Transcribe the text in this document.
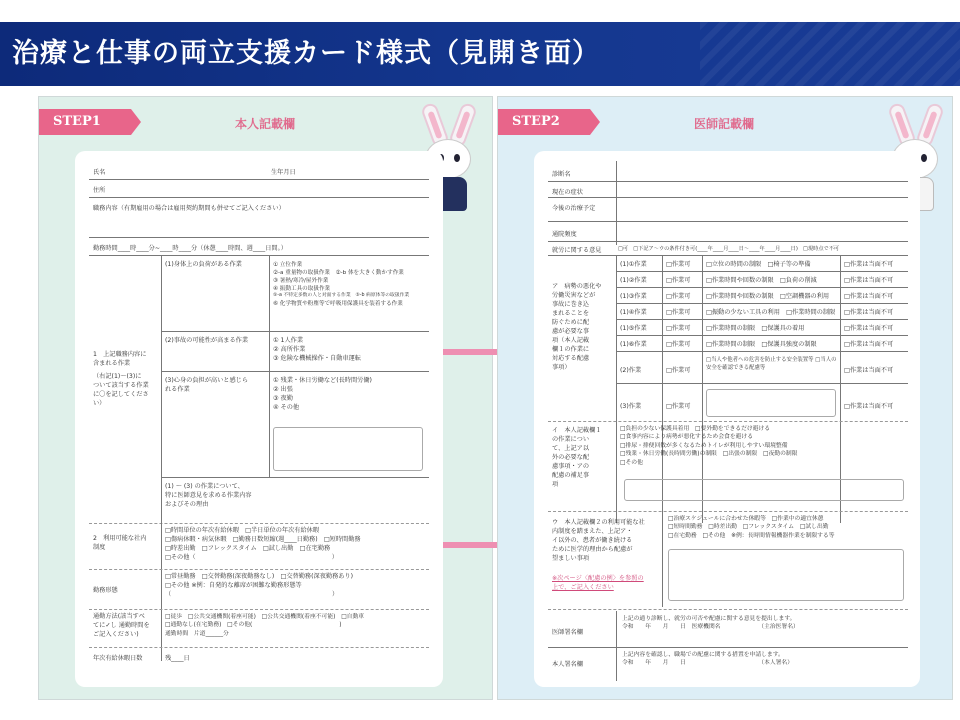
治療と仕事の両立支援カード様式（見開き面）
STEP1	本人記載欄
氏名	生年月日
住所
職務内容（有期雇用の場合は雇用契約期間も併せてご記入ください）
勤務時間____時____分~____時____分（休憩____時間、週____日間。）
1　上記職務内容に
含まれる作業
（右記(1)～(3)に
ついて該当する作業
に〇を記してくださ
い）
(1)身体上の負荷がある作業	① 立位作業
②-a 重量物の取扱作業　②-b 体を大きく動かす作業
③ 暑熱/寒冷/屋外作業
④ 振動工具の取扱作業
⑤-a 不特定多数の人と対面する作業　⑤-b 病原体等の取扱作業
⑥ 化学物質や粉塵等で呼吸用保護具を装着する作業
(2)事故の可能性が高まる作業	① 1人作業
② 高所作業
③ 危険な機械操作・自動車運転
(3)心身の負担が高いと感じら
れる作業
① 残業・休日労働など(長時間労働)
② 出張
③ 夜勤
④ その他
(1) ～ (3) の作業について、
特に医師意見を求める作業内容
およびその理由
2　利用可能な社内
制度
□時間単位の年次有給休暇　□半日単位の年次有給休暇
□傷病休暇・病気休暇　□勤務日数短縮(週____日勤務)　□短時間勤務
□時差出勤　□フレックスタイム　□試し出勤　□在宅勤務
□その他（　　　　　　　　　　　　　　　　　　　　　　）
勤務形態
□常昼勤務　□交替勤務(深夜勤務なし)　□交替勤務(深夜勤務あり)
□その他 ※例：自発的な離席が困難な勤務形態等
（　　　　　　　　　　　　　　　　　　　　　　　　　　）
通勤方法(該当すべ
てに✓し 通勤時間を
ご記入ください)
□徒歩　□公共交通機関(着座可能)　□公共交通機関(着座不可能)　□自動車
□通勤なし(在宅勤務)　□その他(　　　　　　　　　　　　　　　)
通勤時間　片道______分
年次有給休暇日数	残____日
STEP2	医師記載欄
診断名
現在の症状
今後の治療予定
通院頻度
就労に関する意見	□可　□下記ア～ウの条件付き可(____年____月____日～____年____月____日)　□現時点で不可
ア　病勢の悪化や
労働災害などが
事故に巻き込
まれることを
防ぐために配
慮が必要な事
項（本人記載
欄１の作業に
対応する配慮
事項）
(1)①作業	□作業可	□立位の時間の制限　□椅子等の準備	□作業は当面不可
(1)②作業	□作業可	□作業時間や回数の制限　□負荷の削減	□作業は当面不可
(1)③作業	□作業可	□作業時間や回数の制限　□空調機器の利用 □作業は当面不可
(1)④作業	□作業可	□振動の少ない工具の利用　□作業時間の制限 □作業は当面不可
(1)⑤作業	□作業可	□作業時間の制限　□保護具の着用	□作業は当面不可
(1)⑥作業	□作業可	□作業時間の制限　□保護具強度の制限	□作業は当面不可
(2)作業	□作業可
□当人や他者への危害を防止する安全装置等 □当人の安全を確認できる配慮等	□作業は当面不可
(3)作業	□作業可	□作業は当面不可
イ　本人記載欄１
の作業につい
て、上記ア以
外の必要な配
慮事項・アの
配慮の補足事
項
□負担の少ない保護具着用　□要外勤をできるだけ避ける
□食事内容により病勢が悪化するため会食を避ける
□排尿・排便回数が多くなるためトイレが利用しやすい環境整備
□残業・休日労働(長時間労働)の制限　□出張の制限　□夜勤の制限
□その他
ウ　本人記載欄２の利用可能な社
内制度を踏まえた、上記ア・
イ以外の、患者が働き続ける
ために医学的理由から配慮が
望ましい事項
※次ページ〈配慮の例〉を参照の
上で、ご記入ください
□治療スケジュールに合わせた休暇等　□作業中の適宜休憩
□短時間勤務　□時差出勤　□フレックスタイム　□試し出勤
□在宅勤務　□その他　※例：長時間情報機器作業を制限する等
医師署名欄
上記の通り診断し、就労の可否や配慮に関する意見を提出します。
令和　　年　　月　　日　医療機関名　　　　　　　（主治医署名）
本人署名欄
上記内容を確認し、職場での配慮に関する措置を申請します。
令和　　年　　月　　日　　　　　　　　　　　　　（本人署名）
